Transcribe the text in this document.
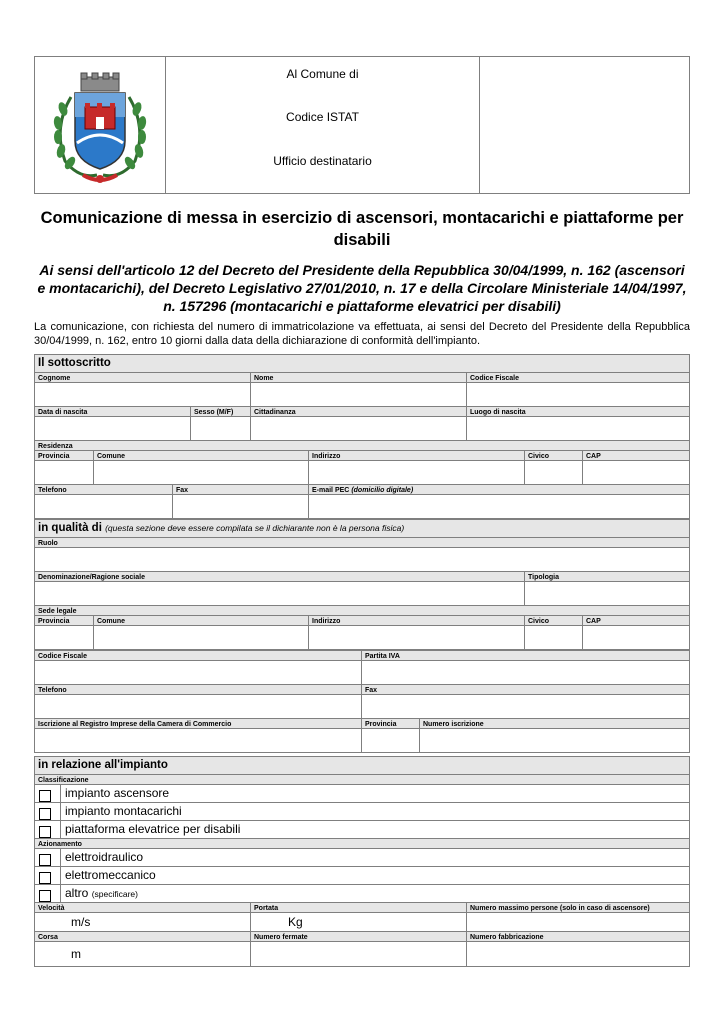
Al Comune di
Codice ISTAT
Ufficio destinatario
Comunicazione di messa in esercizio di ascensori, montacarichi e piattaforme per disabili
Ai sensi dell'articolo 12 del Decreto del Presidente della Repubblica 30/04/1999, n. 162 (ascensori e montacarichi), del Decreto Legislativo 27/01/2010, n. 17 e della Circolare Ministeriale 14/04/1997, n. 157296 (montacarichi e piattaforme elevatrici per disabili)
La comunicazione, con richiesta del numero di immatricolazione va effettuata, ai sensi del Decreto del Presidente della Repubblica 30/04/1999, n. 162, entro 10 giorni dalla data della dichiarazione di conformità dell'impianto.
Il sottoscritto
Cognome	Nome	Codice Fiscale
Data di nascita	Sesso (M/F)	Cittadinanza	Luogo di nascita
Residenza
Provincia	Comune	Indirizzo	Civico	CAP
Telefono	Fax	E-mail PEC (domicilio digitale)
in qualità di (questa sezione deve essere compilata se il dichiarante non è la persona fisica)
Ruolo
Denominazione/Ragione sociale	Tipologia
Sede legale
Provincia	Comune	Indirizzo	Civico	CAP
Codice Fiscale	Partita IVA
Telefono	Fax
Iscrizione al Registro Imprese della Camera di Commercio	Provincia	Numero iscrizione
in relazione all'impianto
Classificazione
impianto ascensore
impianto montacarichi
piattaforma elevatrice per disabili
Azionamento
elettroidraulico
elettromeccanico
altro (specificare)
Velocità	Portata	Numero massimo persone (solo in caso di ascensore)
m/s	Kg
Corsa	Numero fermate	Numero fabbricazione
m
